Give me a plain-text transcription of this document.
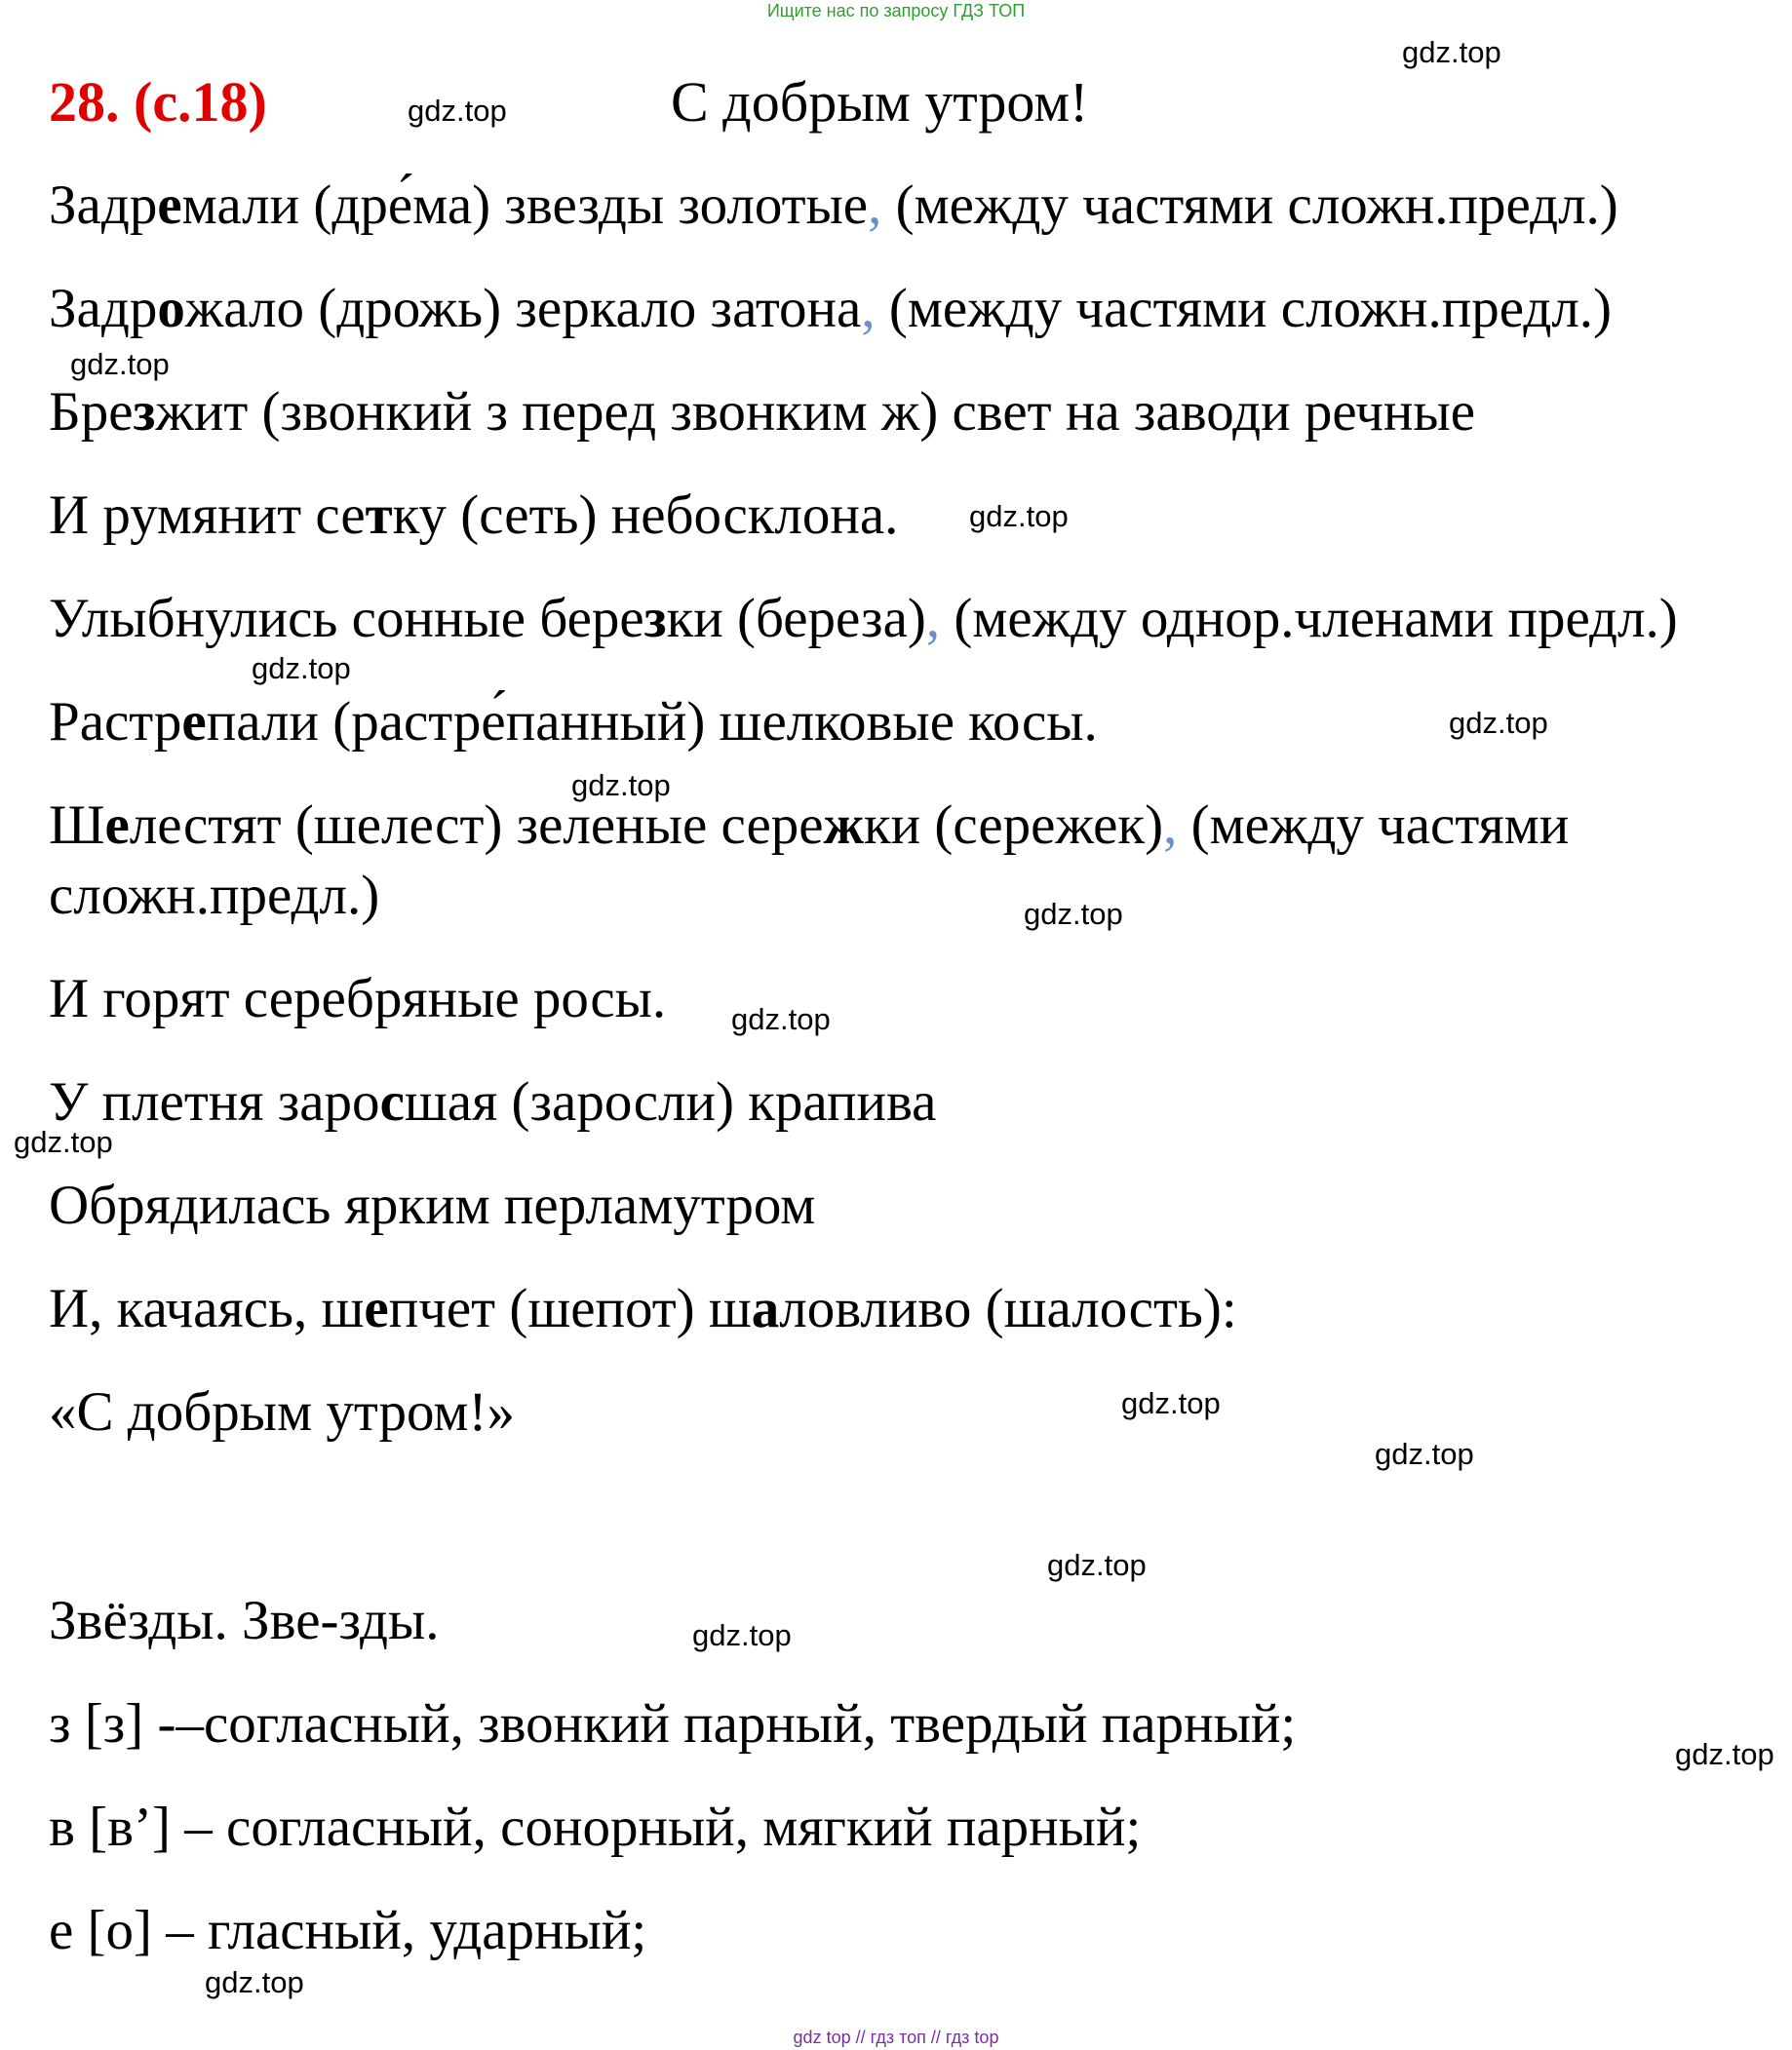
Ищите нас по запросу ГДЗ ТОП
28. (с.18)	С добрым утром!
Задремали (дре́ма) звезды золотые, (между частями сложн.предл.)
Задрожало (дрожь) зеркало затона, (между частями сложн.предл.)
Брезжит (звонкий з перед звонким ж) свет на заводи речные
И румянит сетку (сеть) небосклона.
Улыбнулись сонные березки (береза), (между однор.членами предл.)
Растрепали (растре́панный) шелковые косы.
Шелестят (шелест) зеленые сережки (сережек), (между частями
сложн.предл.)
И горят серебряные росы.
У плетня заросшая (заросли) крапива
Обрядилась ярким перламутром
И, качаясь, шепчет (шепот) шаловливо (шалость):
«С добрым утром!»
Звёзды. Зве-зды.
з [з] -–согласный, звонкий парный, твердый парный;
в [в’] – согласный, сонорный, мягкий парный;
е [о] – гласный, ударный;
gdz.top
gdz.top
gdz.top
gdz.top
gdz.top
gdz.top
gdz.top
gdz.top
gdz.top
gdz.top
gdz.top
gdz.top
gdz.top
gdz.top
gdz.top
gdz.top
gdz top // гдз топ // гдз top
